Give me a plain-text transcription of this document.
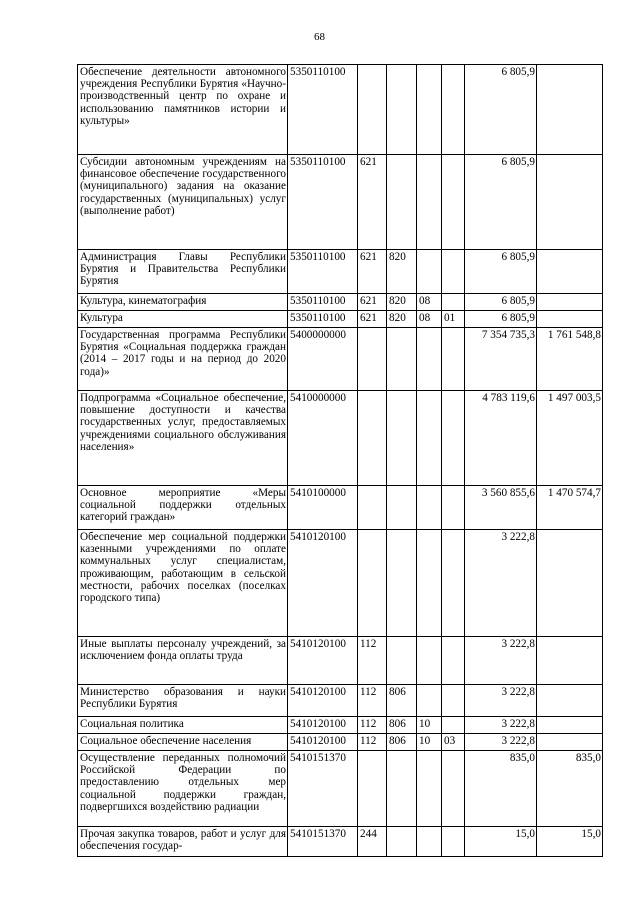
68
Обеспечение деятельности автономного учреждения Республики Бурятия «Научно-производственный центр по охране и использованию памятников истории и культуры»	5350110100					6 805,9	
Субсидии автономным учреждениям на финансовое обеспечение государственного (муниципального) задания на оказание государственных (муниципальных) услуг (выполнение работ)	5350110100	621				6 805,9	
Администрация Главы Республики Бурятия и Правительства Республики Бурятия	5350110100	621	820			6 805,9	
Культура, кинематография	5350110100	621	820	08		6 805,9	
Культура	5350110100	621	820	08	01	6 805,9	
Государственная программа Республики Бурятия «Социальная поддержка граждан (2014 – 2017 годы и на период до 2020 года)»	5400000000					7 354 735,3	1 761 548,8
Подпрограмма «Социальное обеспечение, повышение доступности и качества государственных услуг, предоставляемых учреждениями социального обслуживания населения»	5410000000					4 783 119,6	1 497 003,5
Основное мероприятие «Меры социальной поддержки отдельных категорий граждан»	5410100000					3 560 855,6	1 470 574,7
Обеспечение мер социальной поддержки казенными учреждениями по оплате коммунальных услуг специалистам, проживающим, работающим в сельской местности, рабочих поселках (поселках городского типа)	5410120100					3 222,8	
Иные выплаты персоналу учреждений, за исключением фонда оплаты труда	5410120100	112				3 222,8	
Министерство образования и науки Республики Бурятия	5410120100	112	806			3 222,8	
Социальная политика	5410120100	112	806	10		3 222,8	
Социальное обеспечение населения	5410120100	112	806	10	03	3 222,8	
Осуществление переданных полномочий Российской Федерации по предоставлению отдельных мер социальной поддержки граждан, подвергшихся воздействию радиации	5410151370					835,0	835,0
Прочая закупка товаров, работ и услуг для обеспечения государ-	5410151370	244				15,0	15,0
